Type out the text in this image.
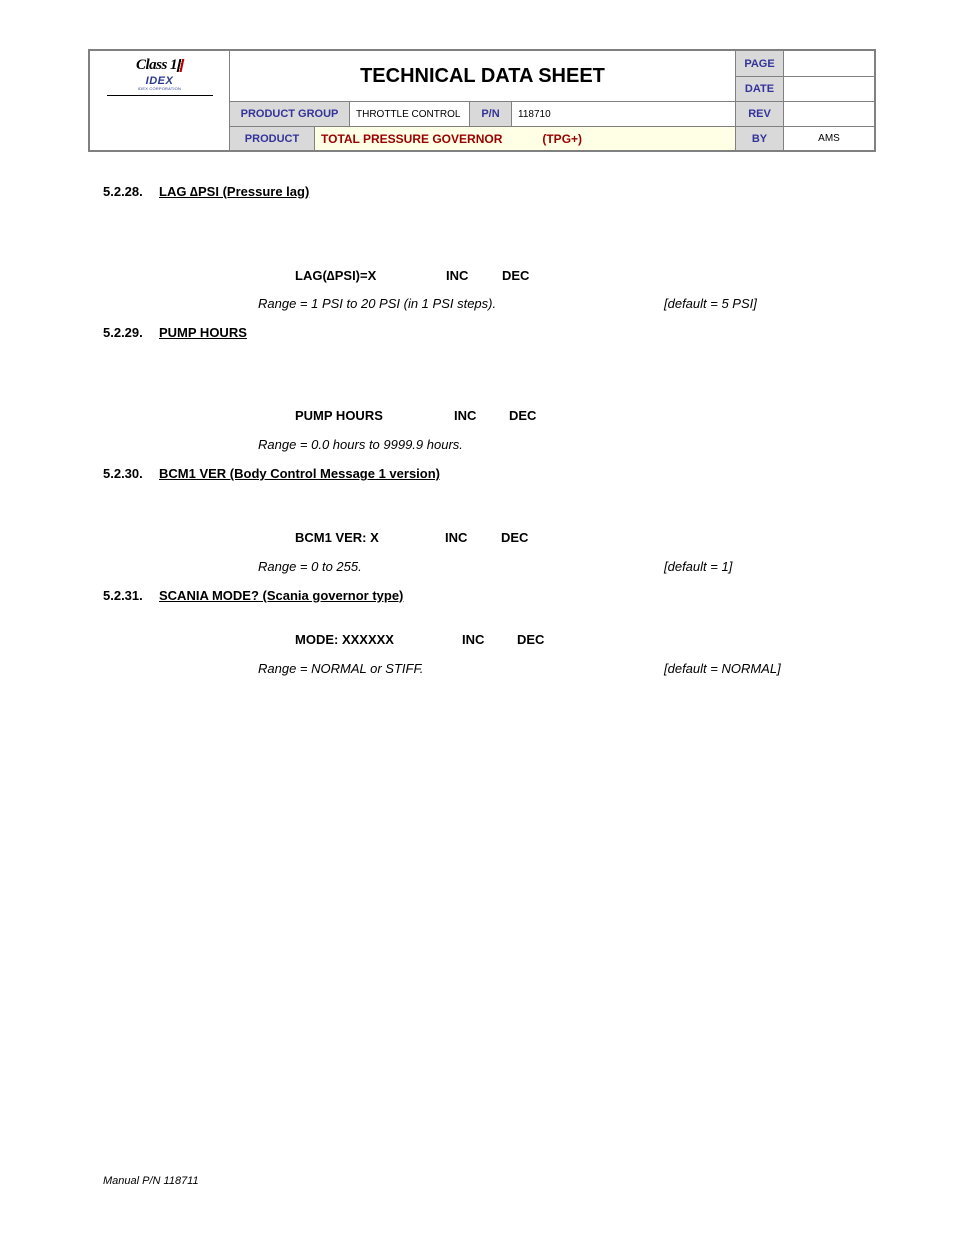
Class 1
IDEX
IDEX CORPORATION
TECHNICAL DATA SHEET
PAGE
DATE
PRODUCT GROUP	THROTTLE CONTROL	P/N	118710	REV
PRODUCT	TOTAL PRESSURE GOVERNOR	(TPG+)	BY	AMS
5.2.28. LAG ∆PSI (Pressure lag)
LAG(∆PSI)=X	INC	DEC
Range = 1 PSI to 20 PSI (in 1 PSI steps).	[default = 5 PSI]
5.2.29. PUMP HOURS
PUMP HOURS	INC	DEC
Range = 0.0 hours to 9999.9 hours.
5.2.30. BCM1 VER (Body Control Message 1 version)
BCM1 VER: X	INC	DEC
Range = 0 to 255.	[default = 1]
5.2.31. SCANIA MODE? (Scania governor type)
MODE: XXXXXX	INC	DEC
Range = NORMAL or STIFF.	[default = NORMAL]
Manual P/N 118711
